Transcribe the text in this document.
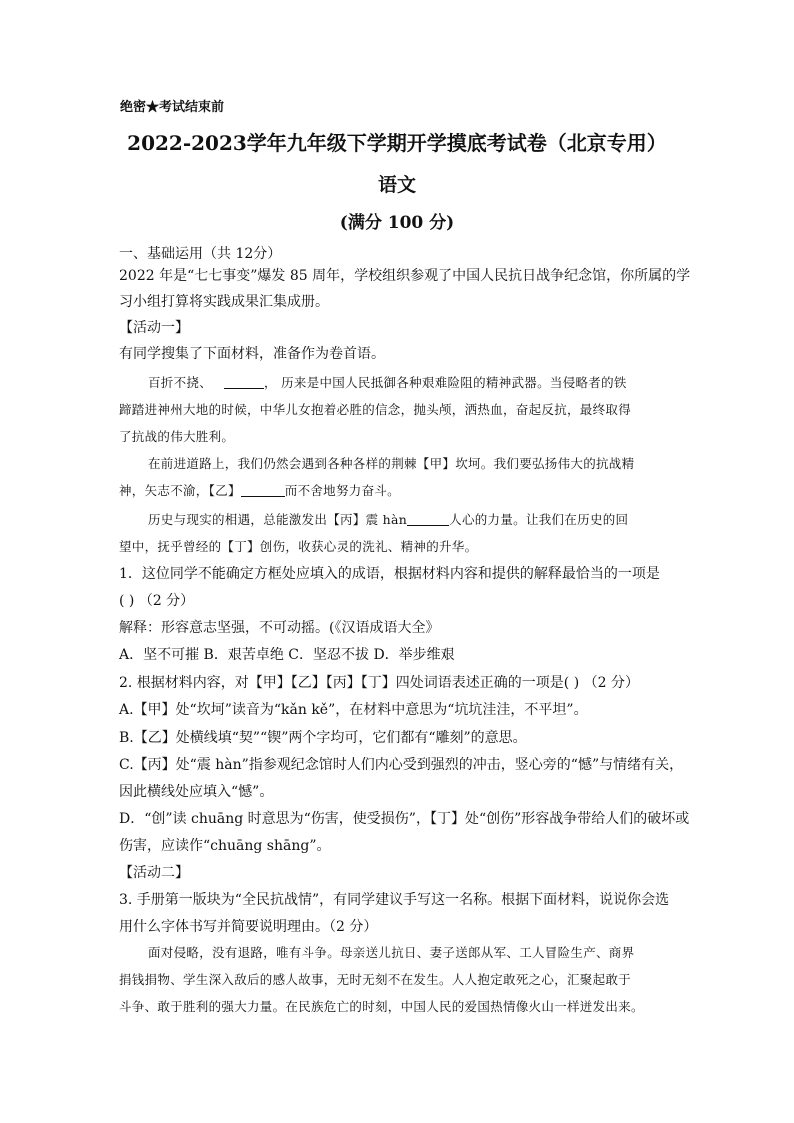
绝密★考试结束前
2022-2023学年九年级下学期开学摸底考试卷（北京专用）
语文
(满分 100 分)
一、基础运用（共 12分）
2022 年是“七七事变”爆发 85 周年，学校组织参观了中国人民抗日战争纪念馆，你所属的学
习小组打算将实践成果汇集成册。
【活动一】
有同学搜集了下面材料，准备作为卷首语。
百折不挠、	， 历来是中国人民抵御各种艰难险阻的精神武器。当侵略者的铁
蹄踏进神州大地的时候，中华儿女抱着必胜的信念，抛头颅，洒热血，奋起反抗，最终取得
了抗战的伟大胜利。
在前进道路上，我们仍然会遇到各种各样的荆棘【甲】坎坷。我们要弘扬伟大的抗战精
神，矢志不渝，【乙】	而不舍地努力奋斗。
历史与现实的相遇，总能激发出【丙】震 hàn	人心的力量。让我们在历史的回
望中，抚乎曾经的【丁】创伤，收获心灵的洗礼、精神的升华。
1．这位同学不能确定方框处应填入的成语，根据材料内容和提供的解释最恰当的一项是
( ) （2 分）
解释：形容意志坚强，不可动摇。(《汉语成语大全》
A．坚不可摧 B．艰苦卓绝 C．坚忍不拔 D．举步维艰
2. 根据材料内容，对【甲】【乙】【丙】【丁】四处词语表述正确的一项是( ) （2 分）
A.【甲】处“坎坷”读音为“kǎn kě”，在材料中意思为“坑坑洼洼，不平坦”。
B.【乙】处横线填“契”“锲”两个字均可，它们都有“雕刻”的意思。
C.【丙】处“震 hàn”指参观纪念馆时人们内心受到强烈的冲击，竖心旁的“憾”与情绪有关，
因此横线处应填入“憾”。
D．“创”读 chuāng 时意思为“伤害，使受损伤”，【丁】处“创伤”形容战争带给人们的破坏或
伤害，应读作“chuāng shāng”。
【活动二】
3. 手册第一版块为“全民抗战情”，有同学建议手写这一名称。根据下面材料，说说你会选
用什么字体书写并简要说明理由。（2 分）
面对侵略，没有退路，唯有斗争。母亲送儿抗日、妻子送郎从军、工人冒险生产、商界
捐钱捐物、学生深入敌后的感人故事，无时无刻不在发生。人人抱定敢死之心，汇聚起敢于
斗争、敢于胜利的强大力量。在民族危亡的时刻，中国人民的爱国热情像火山一样迸发出来。
